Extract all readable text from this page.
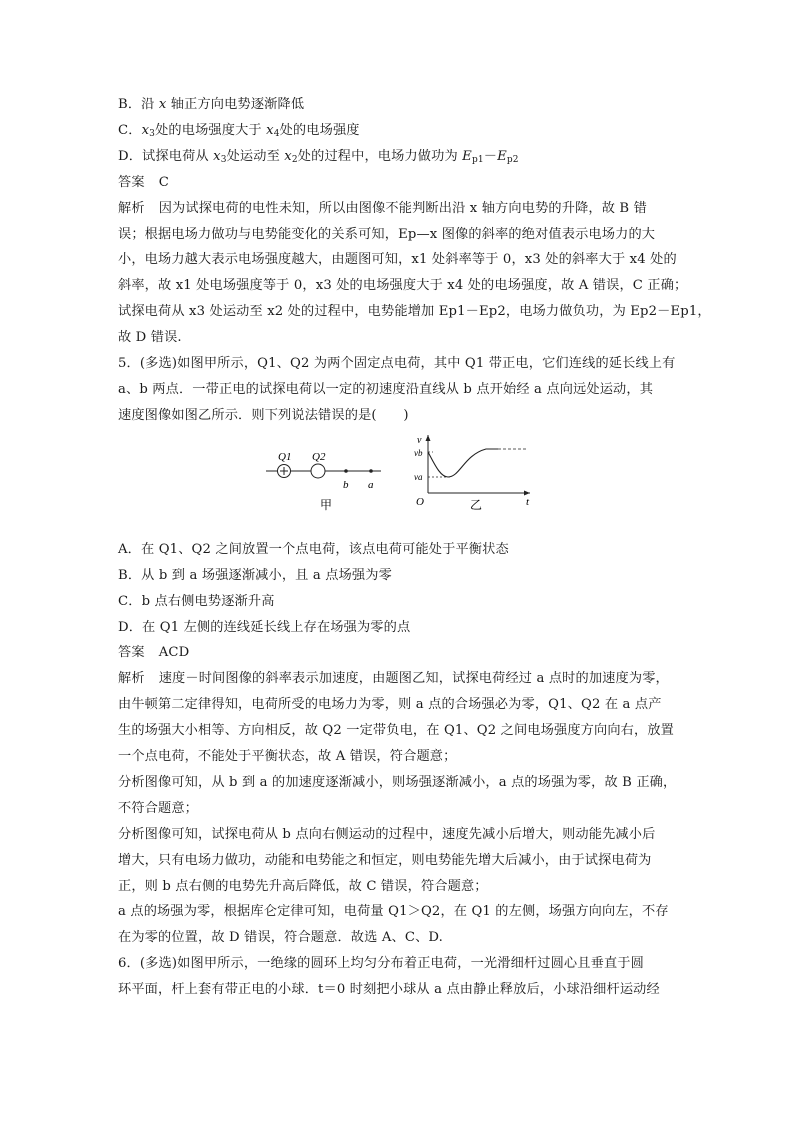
B．沿 x 轴正方向电势逐渐降低
C．$x_3$处的电场强度大于 $x_4$处的电场强度
D．试探电荷从 $x_3$处运动至 $x_2$处的过程中，电场力做功为 $E_{p1}-E_{p2}$
答案 C
解析 因为试探电荷的电性未知，所以由图像不能判断出沿 x 轴方向电势的升降，故 B 错
误；根据电场力做功与电势能变化的关系可知，Ep—x 图像的斜率的绝对值表示电场力的大
小，电场力越大表示电场强度越大，由题图可知，x1 处斜率等于 0，x3 处的斜率大于 x4 处的
斜率，故 x1 处电场强度等于 0，x3 处的电场强度大于 x4 处的电场强度，故 A 错误，C 正确；
试探电荷从 x3 处运动至 x2 处的过程中，电势能增加 Ep1－Ep2，电场力做负功，为 Ep2－Ep1，
故 D 错误.
5．(多选)如图甲所示，Q1、Q2 为两个固定点电荷，其中 Q1 带正电，它们连线的延长线上有
a、b 两点．一带正电的试探电荷以一定的初速度沿直线从 b 点开始经 a 点向远处运动，其
速度图像如图乙所示．则下列说法错误的是(　　)
Q1 Q2
b a
甲
v
vb
va
O	t
乙
A．在 Q1、Q2 之间放置一个点电荷，该点电荷可能处于平衡状态
B．从 b 到 a 场强逐渐减小，且 a 点场强为零
C．b 点右侧电势逐渐升高
D．在 Q1 左侧的连线延长线上存在场强为零的点
答案 ACD
解析 速度－时间图像的斜率表示加速度，由题图乙知，试探电荷经过 a 点时的加速度为零，
由牛顿第二定律得知，电荷所受的电场力为零，则 a 点的合场强必为零，Q1、Q2 在 a 点产
生的场强大小相等、方向相反，故 Q2 一定带负电，在 Q1、Q2 之间电场强度方向向右，放置
一个点电荷，不能处于平衡状态，故 A 错误，符合题意；
分析图像可知，从 b 到 a 的加速度逐渐减小，则场强逐渐减小，a 点的场强为零，故 B 正确，
不符合题意；
分析图像可知，试探电荷从 b 点向右侧运动的过程中，速度先减小后增大，则动能先减小后
增大，只有电场力做功，动能和电势能之和恒定，则电势能先增大后减小，由于试探电荷为
正，则 b 点右侧的电势先升高后降低，故 C 错误，符合题意；
a 点的场强为零，根据库仑定律可知，电荷量 Q1＞Q2，在 Q1 的左侧，场强方向向左，不存
在为零的位置，故 D 错误，符合题意．故选 A、C、D.
6．(多选)如图甲所示，一绝缘的圆环上均匀分布着正电荷，一光滑细杆过圆心且垂直于圆
环平面，杆上套有带正电的小球．t＝0 时刻把小球从 a 点由静止释放后，小球沿细杆运动经
